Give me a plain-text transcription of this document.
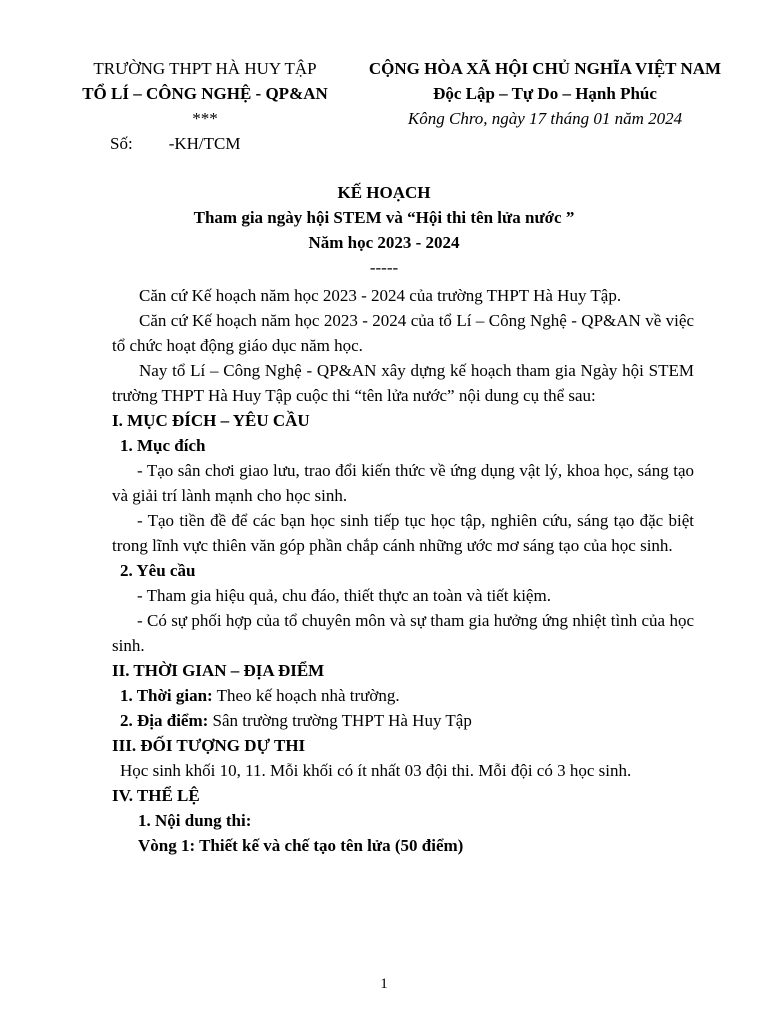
TRƯỜNG THPT HÀ HUY TẬP
TỔ LÍ – CÔNG NGHỆ - QP&AN
***
Số: -KH/TCM
CỘNG HÒA XÃ HỘI CHỦ NGHĨA VIỆT NAM
Độc Lập – Tự Do – Hạnh Phúc
Kông Chro, ngày 17 tháng 01 năm 2024
KẾ HOẠCH
Tham gia ngày hội STEM và “Hội thi tên lửa nước ”
Năm học 2023 - 2024
-----

Căn cứ Kế hoạch năm học 2023 - 2024 của trường THPT Hà Huy Tập.

Căn cứ Kế hoạch năm học 2023 - 2024 của tổ Lí – Công Nghệ - QP&AN về việc tổ chức hoạt động giáo dục năm học.

Nay tổ Lí – Công Nghệ - QP&AN xây dựng kế hoạch tham gia Ngày hội STEM trường THPT Hà Huy Tập cuộc thi “tên lửa nước” nội dung cụ thể sau:

I. MỤC ĐÍCH – YÊU CẦU

1. Mục đích

- Tạo sân chơi giao lưu, trao đổi kiến thức về ứng dụng vật lý, khoa học, sáng tạo và giải trí lành mạnh cho học sinh.

- Tạo tiền đề để các bạn học sinh tiếp tục học tập, nghiên cứu, sáng tạo đặc biệt trong lĩnh vực thiên văn góp phần chắp cánh những ước mơ sáng tạo của học sinh.

2. Yêu cầu

- Tham gia hiệu quả, chu đáo, thiết thực an toàn và tiết kiệm.

- Có sự phối hợp của tổ chuyên môn và sự tham gia hưởng ứng nhiệt tình của học sinh.

II. THỜI GIAN – ĐỊA ĐIỂM

1. Thời gian: Theo kế hoạch nhà trường.

2. Địa điểm: Sân trường trường THPT Hà Huy Tập

III. ĐỐI TƯỢNG DỰ THI

Học sinh khối 10, 11. Mỗi khối có ít nhất 03 đội thi. Mỗi đội có 3 học sinh.

IV. THỂ LỆ

1. Nội dung thi:

Vòng 1: Thiết kế và chế tạo tên lửa (50 điểm)

1
